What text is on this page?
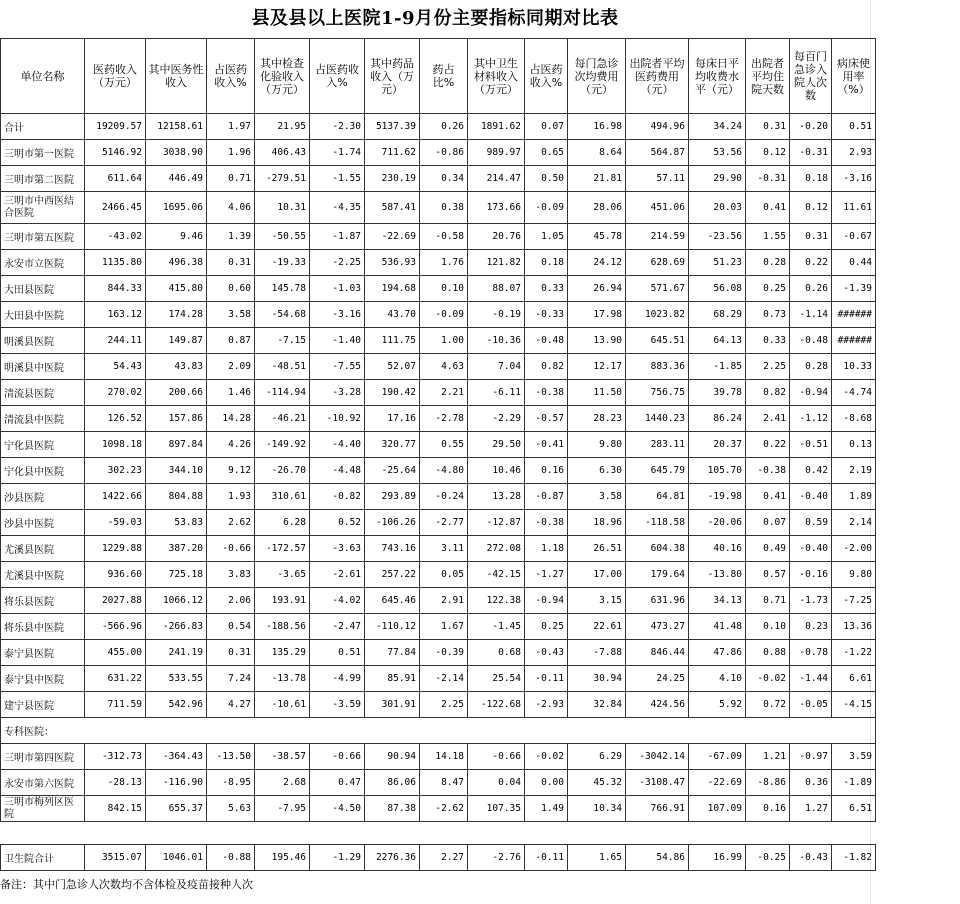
县及县以上医院1-9月份主要指标同期对比表
单位名称	医药收入（万元）	其中医务性收入	占医药收入%	其中检查化验收入（万元）	占医药收入%	其中药品收入（万元）	药占比%	其中卫生材料收入（万元）	占医药收入%	每门急诊次均费用（元）	出院者平均医药费用（元）	每床日平均收费水平（元）	出院者平均住院天数	每百门急诊入院人次数	病床使用率（%）
合计	19209.57	12158.61	1.97	21.95	-2.30	5137.39	0.26	1891.62	0.07	16.98	494.96	34.24	0.31	-0.20	0.51
三明市第一医院	5146.92	3038.90	1.96	406.43	-1.74	711.62	-0.86	989.97	0.65	8.64	564.87	53.56	0.12	-0.31	2.93
三明市第二医院	611.64	446.49	0.71	-279.51	-1.55	230.19	0.34	214.47	0.50	21.81	57.11	29.90	-0.31	0.18	-3.16
三明市中西医结合医院	2466.45	1695.06	4.06	10.31	-4.35	587.41	0.38	173.66	-0.09	28.06	451.06	20.03	0.41	0.12	11.61
三明市第五医院	-43.02	9.46	1.39	-50.55	-1.87	-22.69	-0.58	20.76	1.05	45.78	214.59	-23.56	1.55	0.31	-0.67
永安市立医院	1135.80	496.38	0.31	-19.33	-2.25	536.93	1.76	121.82	0.18	24.12	628.69	51.23	0.28	0.22	0.44
大田县医院	844.33	415.80	0.60	145.78	-1.03	194.68	0.10	88.07	0.33	26.94	571.67	56.08	0.25	0.26	-1.39
大田县中医院	163.12	174.28	3.58	-54.68	-3.16	43.70	-0.09	-0.19	-0.33	17.98	1023.82	68.29	0.73	-1.14	######
明溪县医院	244.11	149.87	0.87	-7.15	-1.40	111.75	1.00	-10.36	-0.48	13.90	645.51	64.13	0.33	-0.48	######
明溪县中医院	54.43	43.83	2.09	-48.51	-7.55	52.07	4.63	7.04	0.82	12.17	883.36	-1.85	2.25	0.28	10.33
清流县医院	270.02	200.66	1.46	-114.94	-3.28	190.42	2.21	-6.11	-0.38	11.50	756.75	39.78	0.82	-0.94	-4.74
清流县中医院	126.52	157.86	14.28	-46.21	-10.92	17.16	-2.78	-2.29	-0.57	28.23	1440.23	86.24	2.41	-1.12	-8.68
宁化县医院	1098.18	897.84	4.26	-149.92	-4.40	320.77	0.55	29.50	-0.41	9.80	283.11	20.37	0.22	-0.51	0.13
宁化县中医院	302.23	344.10	9.12	-26.70	-4.48	-25.64	-4.80	10.46	0.16	6.30	645.79	105.70	-0.38	0.42	2.19
沙县医院	1422.66	804.88	1.93	310.61	-0.82	293.89	-0.24	13.28	-0.87	3.58	64.81	-19.98	0.41	-0.40	1.89
沙县中医院	-59.03	53.83	2.62	6.28	0.52	-106.26	-2.77	-12.87	-0.38	18.96	-118.58	-20.06	0.07	0.59	2.14
尤溪县医院	1229.88	387.20	-0.66	-172.57	-3.63	743.16	3.11	272.08	1.18	26.51	604.38	40.16	0.49	-0.40	-2.00
尤溪县中医院	936.60	725.18	3.83	-3.65	-2.61	257.22	0.05	-42.15	-1.27	17.00	179.64	-13.80	0.57	-0.16	9.80
将乐县医院	2027.88	1066.12	2.06	193.91	-4.02	645.46	2.91	122.38	-0.94	3.15	631.96	34.13	0.71	-1.73	-7.25
将乐县中医院	-566.96	-266.83	0.54	-188.56	-2.47	-110.12	1.67	-1.45	0.25	22.61	473.27	41.48	0.10	0.23	13.36
泰宁县医院	455.00	241.19	0.31	135.29	0.51	77.84	-0.39	0.68	-0.43	-7.88	846.44	47.86	0.88	-0.78	-1.22
泰宁县中医院	631.22	533.55	7.24	-13.78	-4.99	85.91	-2.14	25.54	-0.11	30.94	24.25	4.10	-0.02	-1.44	6.61
建宁县医院	711.59	542.96	4.27	-10.61	-3.59	301.91	2.25	-122.68	-2.93	32.84	424.56	5.92	0.72	-0.05	-4.15
专科医院：															
三明市第四医院	-312.73	-364.43	-13.50	-38.57	-0.66	90.94	14.18	-0.66	-0.02	6.29	-3042.14	-67.09	1.21	-0.97	3.59
永安市第六医院	-28.13	-116.90	-8.95	2.68	0.47	86.06	8.47	0.04	0.00	45.32	-3108.47	-22.69	-8.86	0.36	-1.89
三明市梅列区医院	842.15	655.37	5.63	-7.95	-4.50	87.38	-2.62	107.35	1.49	10.34	766.91	107.09	0.16	1.27	6.51

卫生院合计	3515.07	1046.01	-0.88	195.46	-1.29	2276.36	2.27	-2.76	-0.11	1.65	54.86	16.99	-0.25	-0.43	-1.82
备注：其中门急诊人次数均不含体检及疫苗接种人次
